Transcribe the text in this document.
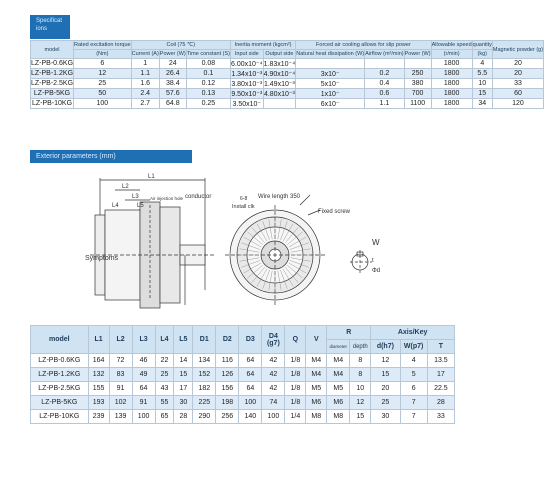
Specificat ions
model	Rated excitation torque	Coil (75 ℃)			Inertia moment (kgcm²)		Forced air cooling allows for slip power			Allowable speed	quantity	Magnetic powder (g)
	(Nm)	Current (A)	Power (W)	Time constant (S)	Input side	Output side	Natural heat dissipation (W)	Airflow (m³/min)	Power (W)	(r/min)	(kg)	
LZ-PB-0.6KG	6	1	24	0.08	6.00x10⁻⁴	1.83x10⁻⁴				1800	4	20
LZ-PB-1.2KG	12	1.1	26.4	0.1	1.34x10⁻³	4.90x10⁻⁴	3x10⁻	0.2	250	1800	5.5	20
LZ-PB-2.5KG	25	1.6	38.4	0.12	3.80x10⁻³	1.49x10⁻³	5x10⁻	0.4	380	1800	10	33
LZ-PB-5KG	50	2.4	57.6	0.13	9.50x10⁻³	4.80x10⁻³	1x10⁻	0.6	700	1800	15	60
LZ-PB-10KG	100	2.7	64.8	0.25	3.50x10⁻		6x10⁻	1.1	1100	1800	34	120
Exterior parameters (mm)
L1
L2
L3
L4	L5
Air injection hole conductor
Symptoms
Wire length 350
6-8
Install clk
Fixed screw
W
t
Φd
model	L1	L2	L3	L4	L5	D1	D2	D3	D4 (g7)	Q	V	R		Axis/Key		
												diameter	depth	d(h7)	W(p7)	T
LZ-PB-0.6KG	164	72	46	22	14	134	116	64	42	1/8	M4	M4	8	12	4	13.5
LZ-PB-1.2KG	132	83	49	25	15	152	126	64	42	1/8	M4	M4	8	15	5	17
LZ-PB-2.5KG	155	91	64	43	17	182	156	64	42	1/8	M5	M5	10	20	6	22.5
LZ-PB-5KG	193	102	91	55	30	225	198	100	74	1/8	M6	M6	12	25	7	28
LZ-PB-10KG	239	139	100	65	28	290	256	140	100	1/4	M8	M8	15	30	7	33
